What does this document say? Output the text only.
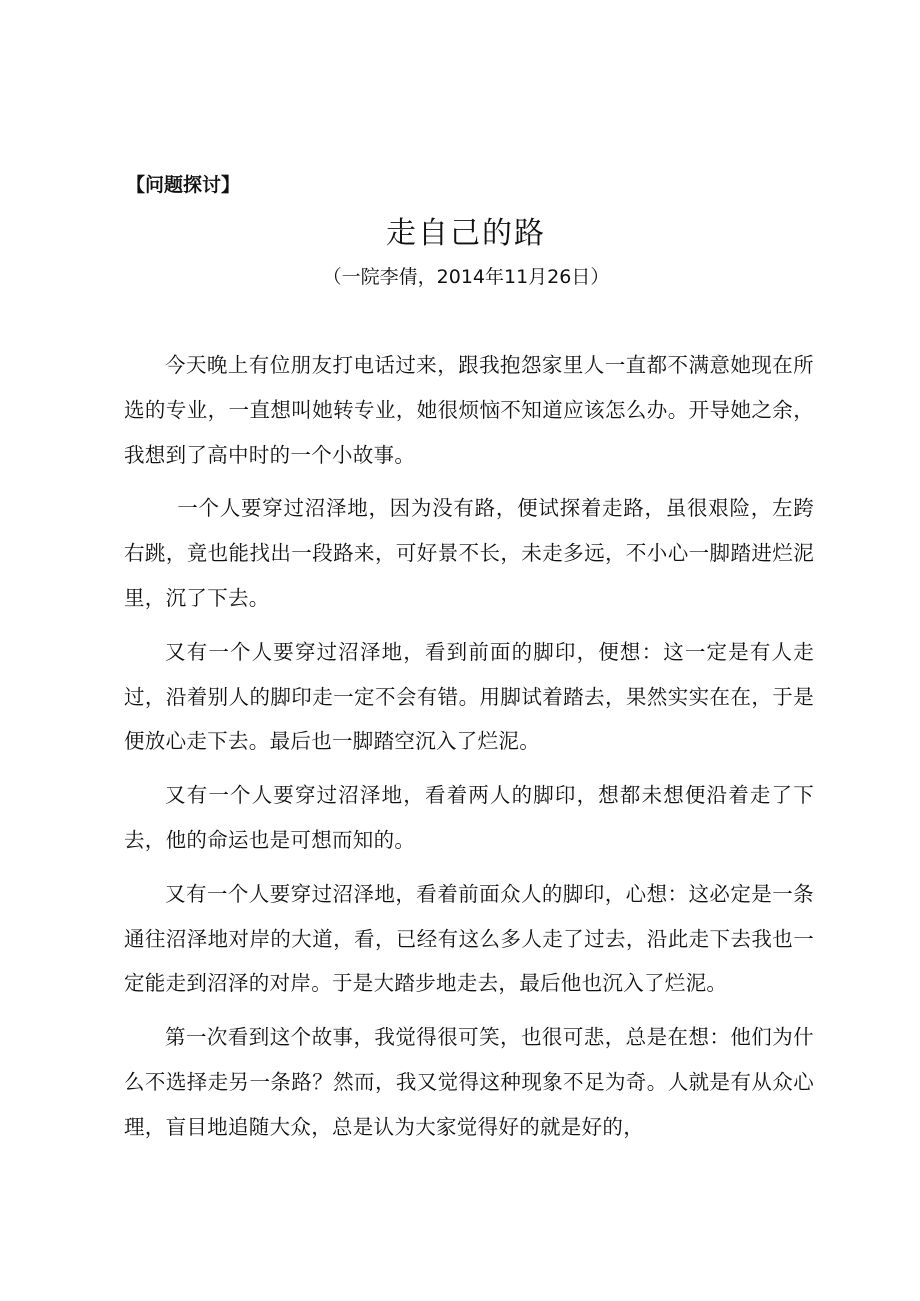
【问题探讨】
走自己的路
（一院李倩，2014年11月26日）

今天晚上有位朋友打电话过来，跟我抱怨家里人一直都不满意她现在所选的专业，一直想叫她转专业，她很烦恼不知道应该怎么办。开导她之余，我想到了高中时的一个小故事。

一个人要穿过沼泽地，因为没有路，便试探着走路，虽很艰险，左跨右跳，竟也能找出一段路来，可好景不长，未走多远，不小心一脚踏进烂泥里，沉了下去。

又有一个人要穿过沼泽地，看到前面的脚印，便想：这一定是有人走过，沿着别人的脚印走一定不会有错。用脚试着踏去，果然实实在在，于是便放心走下去。最后也一脚踏空沉入了烂泥。

又有一个人要穿过沼泽地，看着两人的脚印，想都未想便沿着走了下去，他的命运也是可想而知的。

又有一个人要穿过沼泽地，看着前面众人的脚印，心想：这必定是一条通往沼泽地对岸的大道，看，已经有这么多人走了过去，沿此走下去我也一定能走到沼泽的对岸。于是大踏步地走去，最后他也沉入了烂泥。

第一次看到这个故事，我觉得很可笑，也很可悲，总是在想：他们为什么不选择走另一条路？然而，我又觉得这种现象不足为奇。人就是有从众心理，盲目地追随大众，总是认为大家觉得好的就是好的，
